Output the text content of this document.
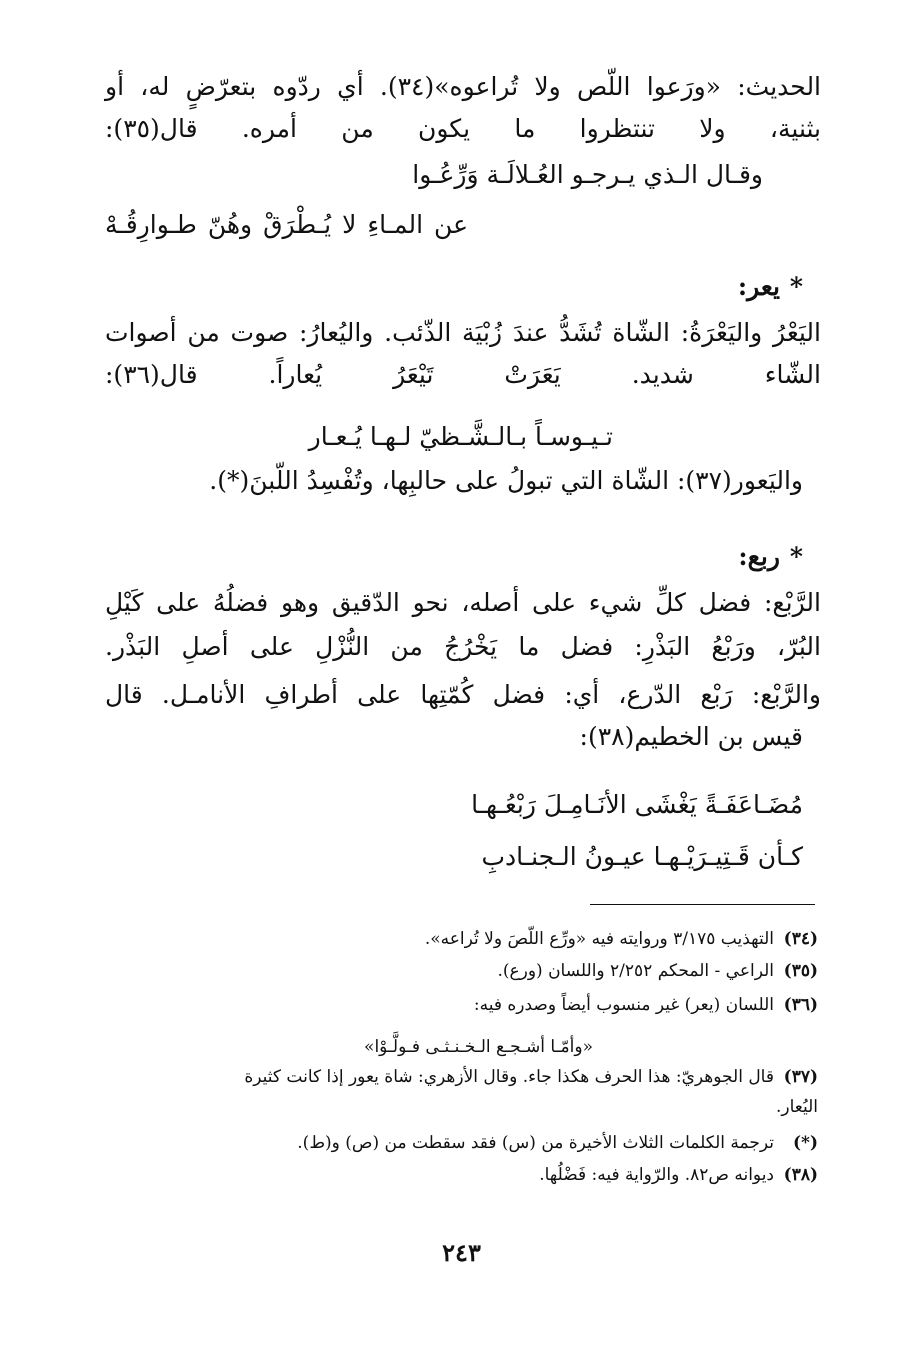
الحديث: «ورَعوا اللّص ولا تُراعوه»(٣٤). أي ردّوه بتعرّضٍ له، أو
بثنية، ولا تنتظروا ما يكون من أمره. قال(٣٥):
وقـال الـذي يـرجـو العُـلالَـة وَرِّعُـوا
عن المـاءِ لا يُـطْرَقْ وهُنّ طـوارِقُـهْ
*يعر:
اليَعْرُ واليَعْرَةُ: الشّاة تُشَدُّ عندَ زُبْيَة الذّئب. واليُعارُ: صوت من أصوات
الشّاء شديد. يَعَرَتْ تَيْعَرُ يُعاراً. قال(٣٦):
تـيـوسـاً بـالـشَّـظيّ لـهـا يُـعـار
واليَعور(٣٧): الشّاة التي تبولُ على حالبِها، وتُفْسِدُ اللّبنَ(*).
*ربع:
الرَّبْع: فضل كلِّ شيء على أصله، نحو الدّقيق وهو فضلُهُ على كَيْلِ
البُرّ، ورَبْعُ البَذْرِ: فضل ما يَخْرُجُ من النُّزْلِ على أصلِ البَذْر.
والرَّبْع: رَبْع الدّرع، أي: فضل كُمّتِها على أطرافِ الأنامـل. قال
قيس بن الخطيم(٣٨):
مُضَـاعَفَـةً يَغْشَى الأنَـامِـلَ رَبْعُـهـا
كـأن قَـتِيـرَيْـهـا عيـونُ الـجنـادبِ
(٣٤)التهذيب ٣/١٧٥ وروايته فيه «ورِّع اللّصَ ولا تُراعه».
(٣٥)الراعي - المحكم ٢/٢٥٢ واللسان (ورع).
(٣٦)اللسان (يعر) غير منسوب أيضاً وصدره فيه:
«وأمّـا أشـجـع الـخـنـثـى فـولَّـوْا»
(٣٧)قال الجوهريّ: هذا الحرف هكذا جاء. وقال الأزهري: شاة يعور إذا كانت كثيرة
اليُعار.
(*)ترجمة الكلمات الثلاث الأخيرة من (س) فقد سقطت من (ص) و(ط).
(٣٨)ديوانه ص٨٢. والرّواية فيه: فَضْلُها.
٢٤٣
